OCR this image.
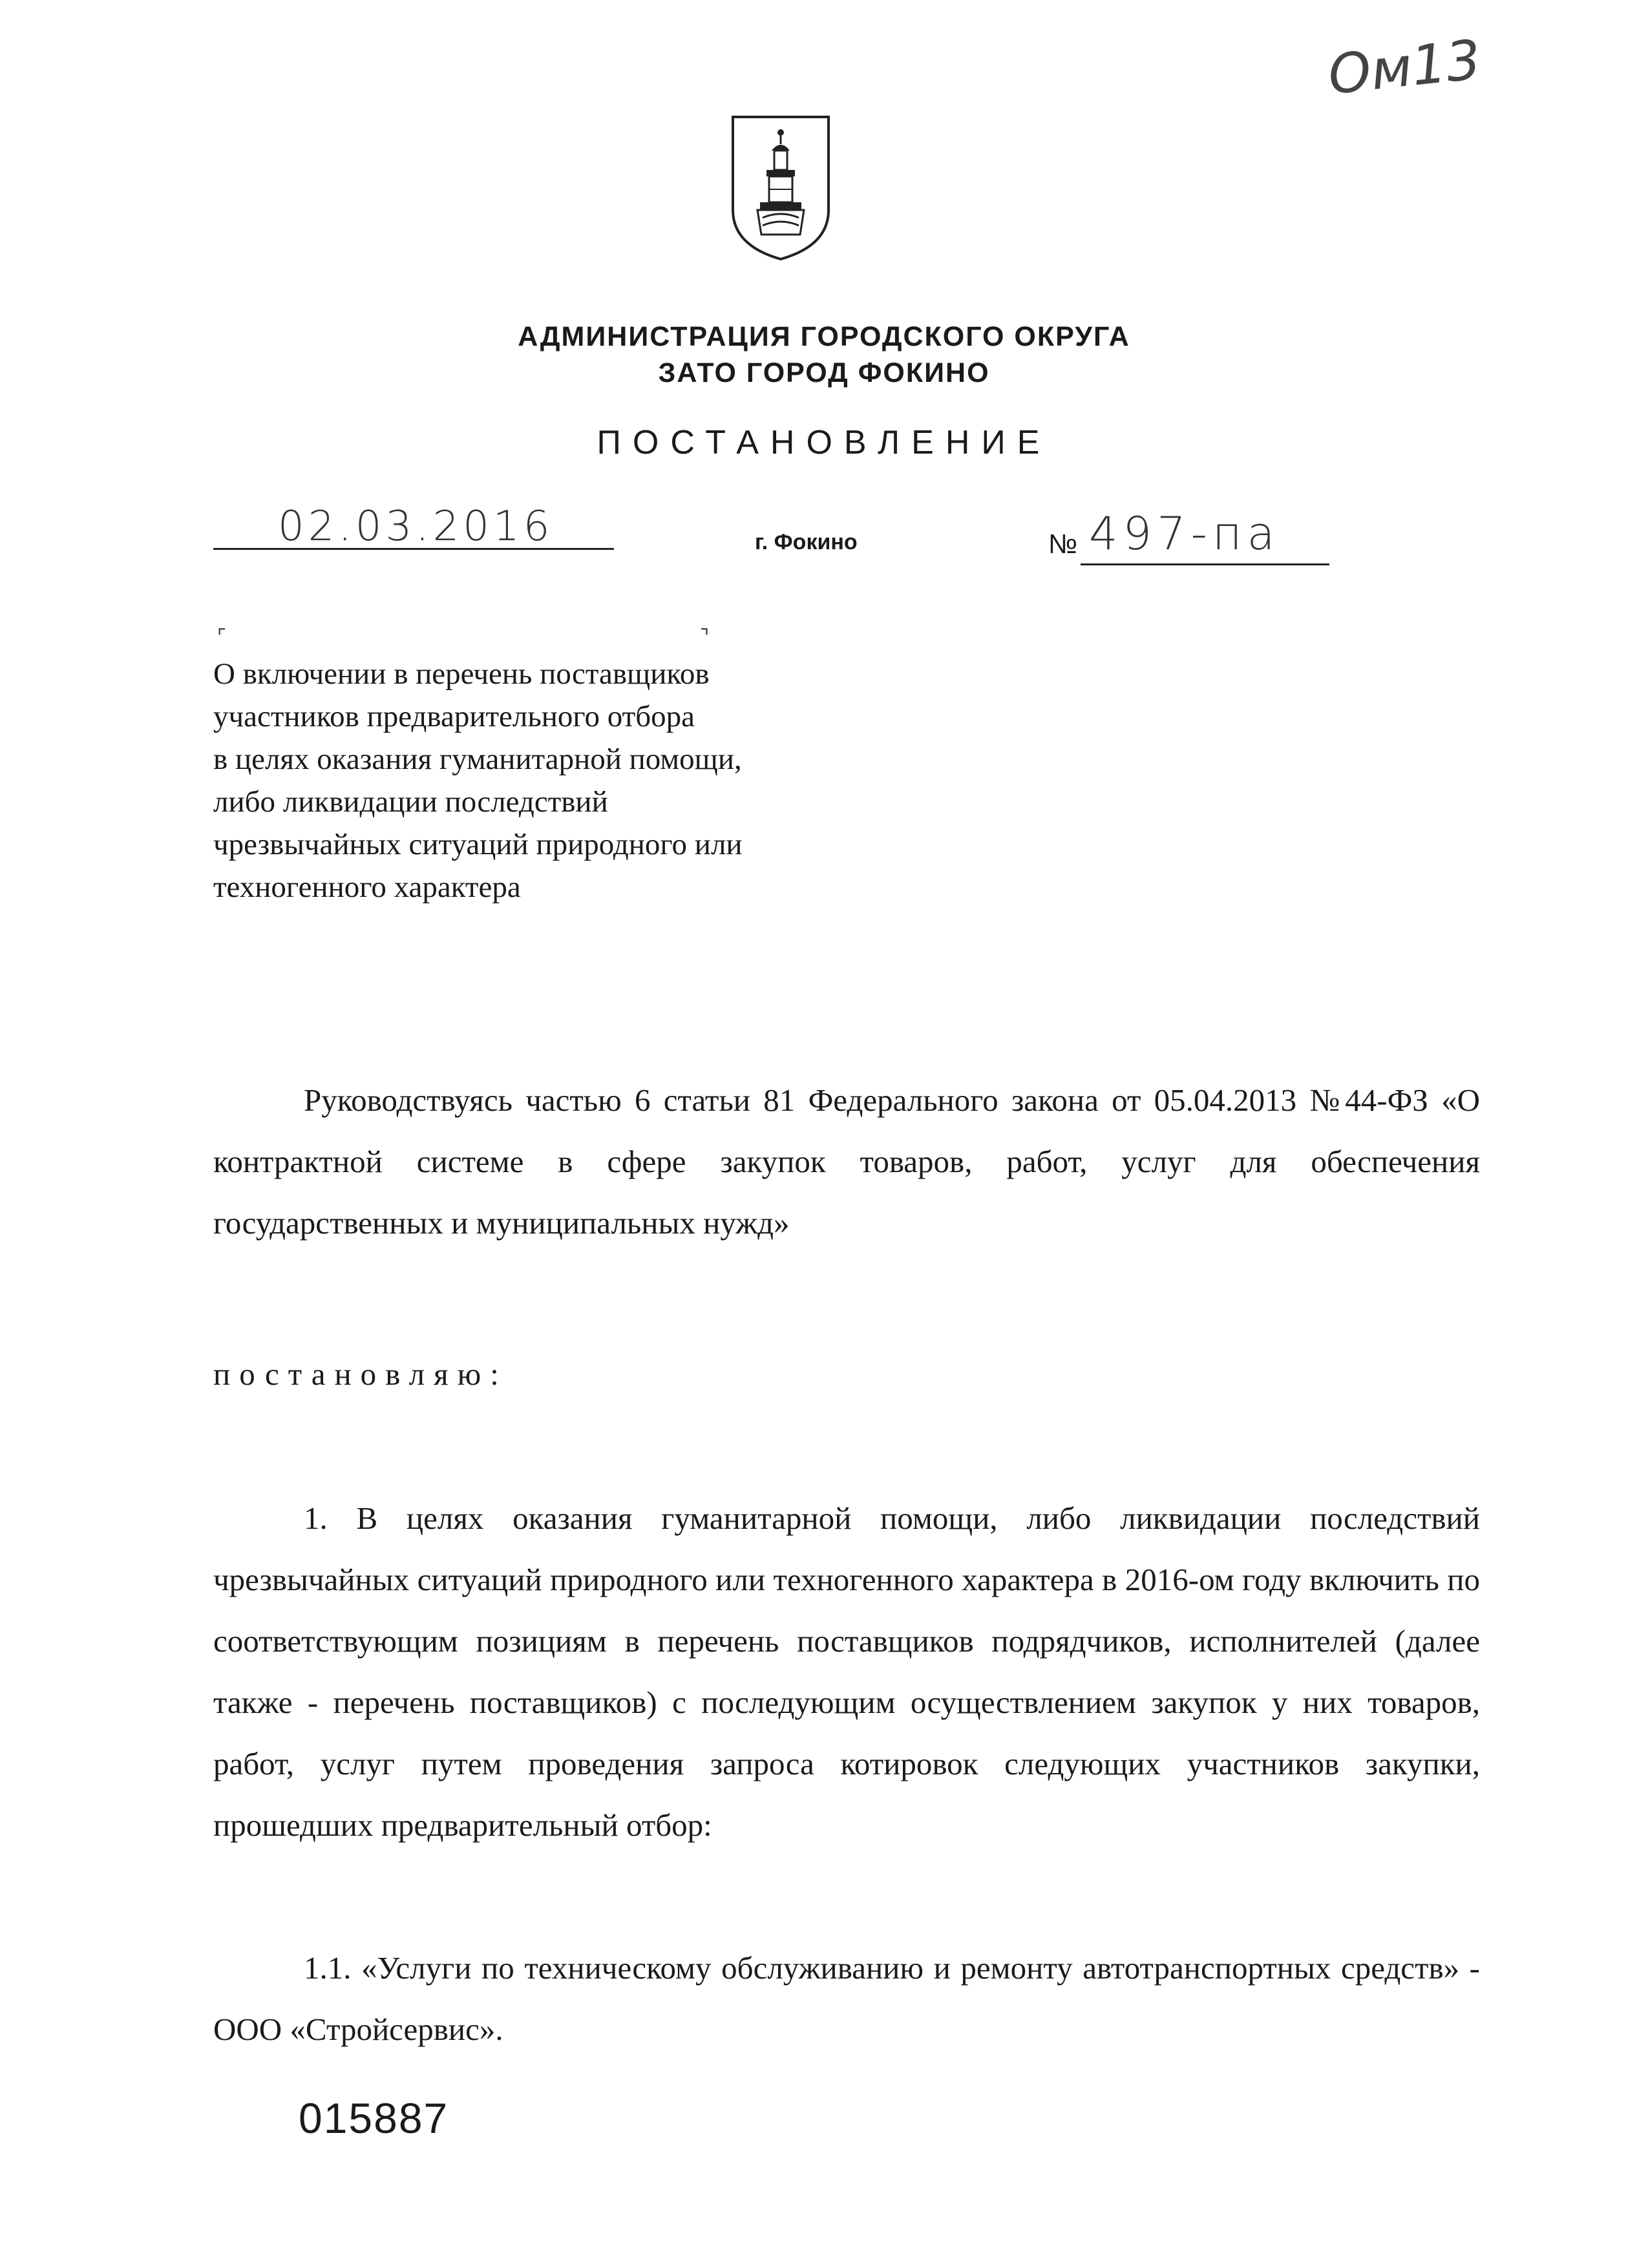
Ом13
АДМИНИСТРАЦИЯ ГОРОДСКОГО ОКРУГА
ЗАТО ГОРОД ФОКИНО
ПОСТАНОВЛЕНИЕ
02.03.2016	г. Фокино	№ 497-па
⌜	⌝
О включении в перечень поставщиков
участников предварительного отбора
в целях оказания гуманитарной помощи,
либо ликвидации последствий
чрезвычайных ситуаций природного или
техногенного характера
Руководствуясь частью 6 статьи 81 Федерального закона от 05.04.2013 №44-ФЗ «О контрактной системе в сфере закупок товаров, работ, услуг для обеспечения государственных и муниципальных нужд»
постановляю:
1. В целях оказания гуманитарной помощи, либо ликвидации последствий чрезвычайных ситуаций природного или техногенного характера в 2016-ом году включить по соответствующим позициям в перечень поставщиков подрядчиков, исполнителей (далее также - перечень поставщиков) с последующим осуществлением закупок у них товаров, работ, услуг путем проведения запроса котировок следующих участников закупки, прошедших предварительный отбор:
1.1. «Услуги по техническому обслуживанию и ремонту автотранспортных средств» - ООО «Стройсервис».
015887
